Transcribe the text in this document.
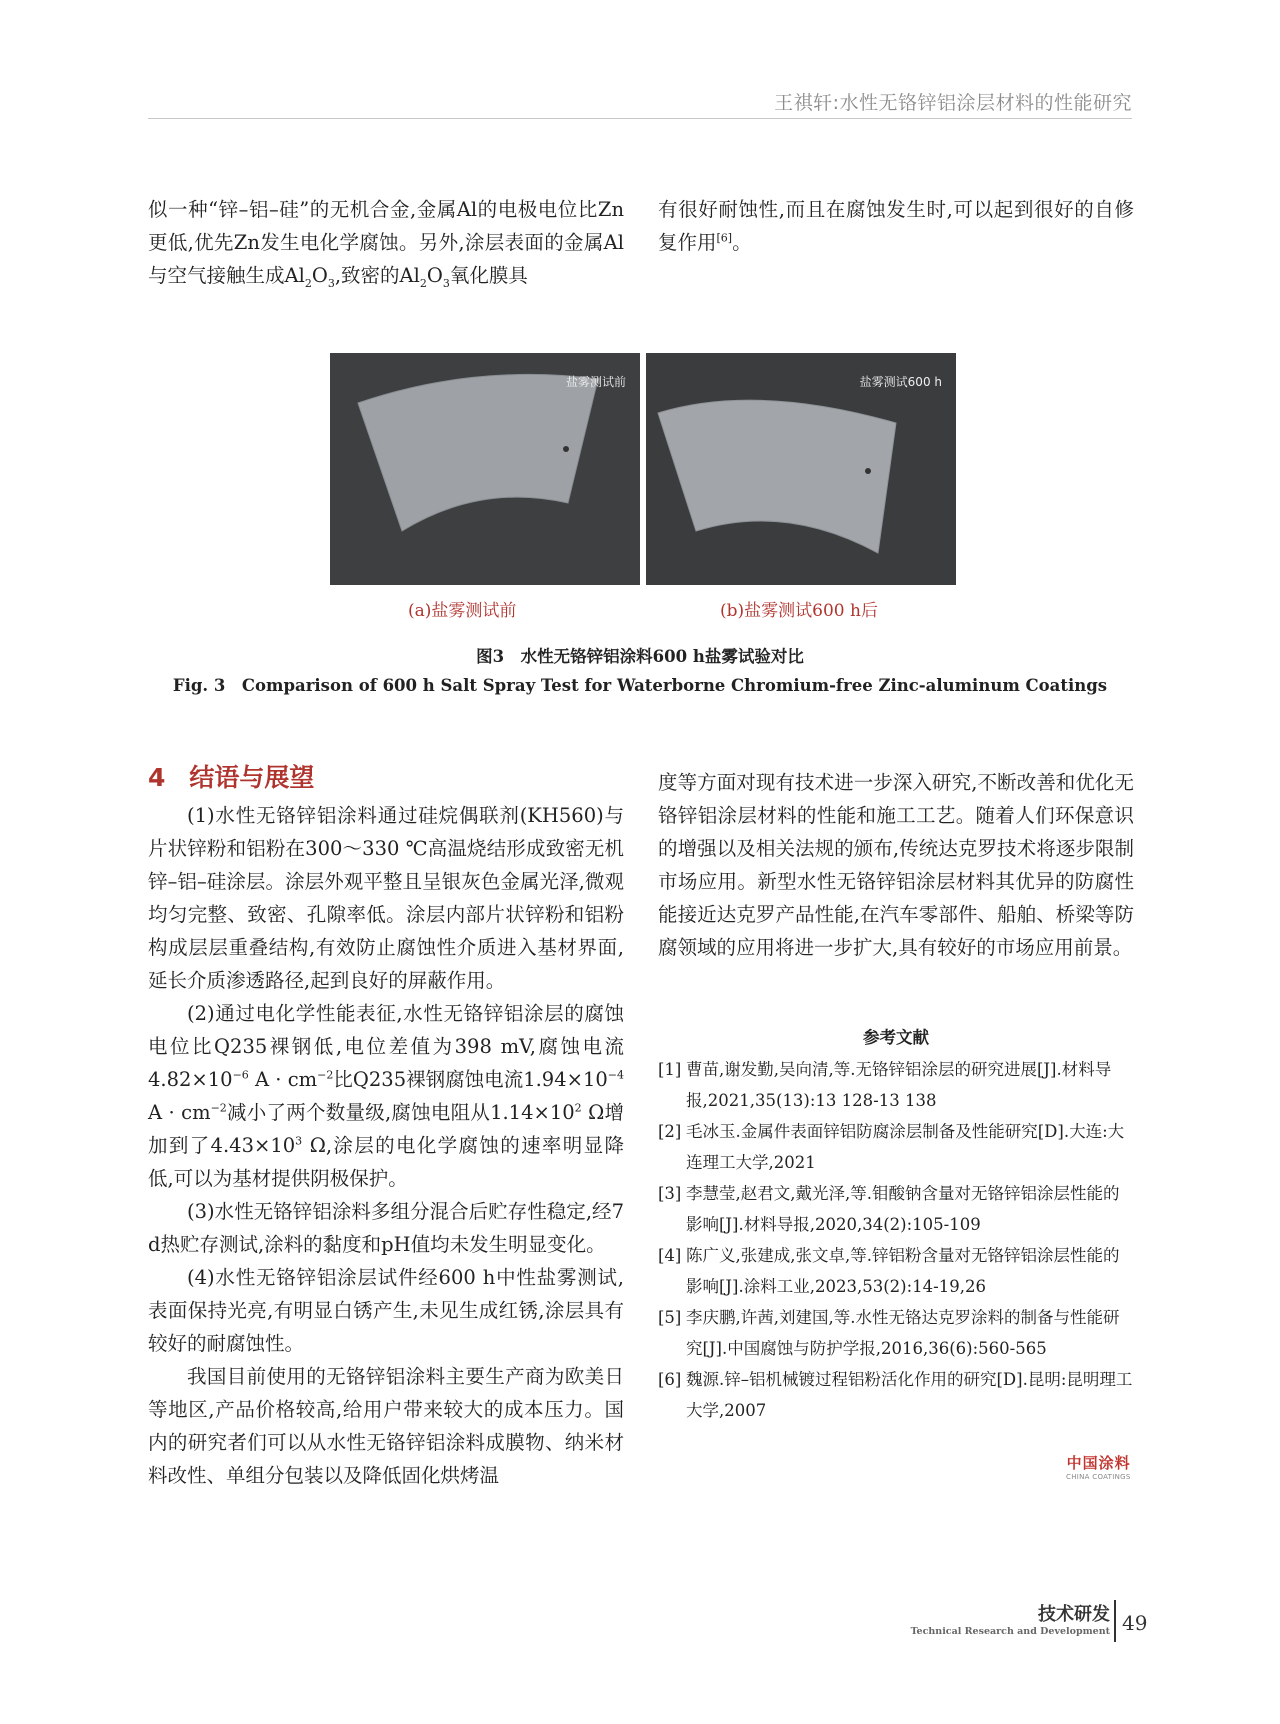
王祺轩:水性无铬锌铝涂层材料的性能研究

似一种“锌–铝–硅”的无机合金,金属Al的电极电位比Zn更低,优先Zn发生电化学腐蚀。另外,涂层表面的金属Al与空气接触生成$Al_2O_3$,致密的$Al_2O_3$氧化膜具

有很好耐蚀性,而且在腐蚀发生时,可以起到很好的自修复作用[6]。

盐雾测试前	盐雾测试600 h
(a)盐雾测试前	(b)盐雾测试600 h后
图3　水性无铬锌铝涂料600 h盐雾试验对比
Fig. 3　Comparison of 600 h Salt Spray Test for Waterborne Chromium-free Zinc-aluminum Coatings
4 结语与展望

(1)水性无铬锌铝涂料通过硅烷偶联剂(KH560)与片状锌粉和铝粉在300～330 ℃高温烧结形成致密无机锌–铝–硅涂层。涂层外观平整且呈银灰色金属光泽,微观均匀完整、致密、孔隙率低。涂层内部片状锌粉和铝粉构成层层重叠结构,有效防止腐蚀性介质进入基材界面,延长介质渗透路径,起到良好的屏蔽作用。

(2)通过电化学性能表征,水性无铬锌铝涂层的腐蚀电位比Q235裸钢低,电位差值为398 mV,腐蚀电流$4.82\times 10^{-6}$ $A \cdot cm^{-2}$比Q235裸钢腐蚀电流$1.94\times 10^{-4}$ $A \cdot cm^{-2}$减小了两个数量级,腐蚀电阻从$1.14\times 10^2$ Ω增加到了$4.43\times 10^3$ Ω,涂层的电化学腐蚀的速率明显降低,可以为基材提供阴极保护。

(3)水性无铬锌铝涂料多组分混合后贮存性稳定,经7 d热贮存测试,涂料的黏度和pH值均未发生明显变化。

(4)水性无铬锌铝涂层试件经600 h中性盐雾测试,表面保持光亮,有明显白锈产生,未见生成红锈,涂层具有较好的耐腐蚀性。

我国目前使用的无铬锌铝涂料主要生产商为欧美日等地区,产品价格较高,给用户带来较大的成本压力。国内的研究者们可以从水性无铬锌铝涂料成膜物、纳米材料改性、单组分包装以及降低固化烘烤温

度等方面对现有技术进一步深入研究,不断改善和优化无铬锌铝涂层材料的性能和施工工艺。随着人们环保意识的增强以及相关法规的颁布,传统达克罗技术将逐步限制市场应用。新型水性无铬锌铝涂层材料其优异的防腐性能接近达克罗产品性能,在汽车零部件、船舶、桥梁等防腐领域的应用将进一步扩大,具有较好的市场应用前景。

参考文献

[1] 曹苗,谢发勤,吴向清,等.无铬锌铝涂层的研究进展[J].材料导报,2021,35(13):13 128-13 138

[2] 毛冰玉.金属件表面锌铝防腐涂层制备及性能研究[D].大连:大连理工大学,2021

[3] 李慧莹,赵君文,戴光泽,等.钼酸钠含量对无铬锌铝涂层性能的影响[J].材料导报,2020,34(2):105-109

[4] 陈广义,张建成,张文卓,等.锌铝粉含量对无铬锌铝涂层性能的影响[J].涂料工业,2023,53(2):14-19,26

[5] 李庆鹏,许茜,刘建国,等.水性无铬达克罗涂料的制备与性能研究[J].中国腐蚀与防护学报,2016,36(6):560-565

[6] 魏源.锌–铝机械镀过程铝粉活化作用的研究[D].昆明:昆明理工大学,2007

中国涂料
CHINA COATINGS
技术研发
Technical Research and Development 49
